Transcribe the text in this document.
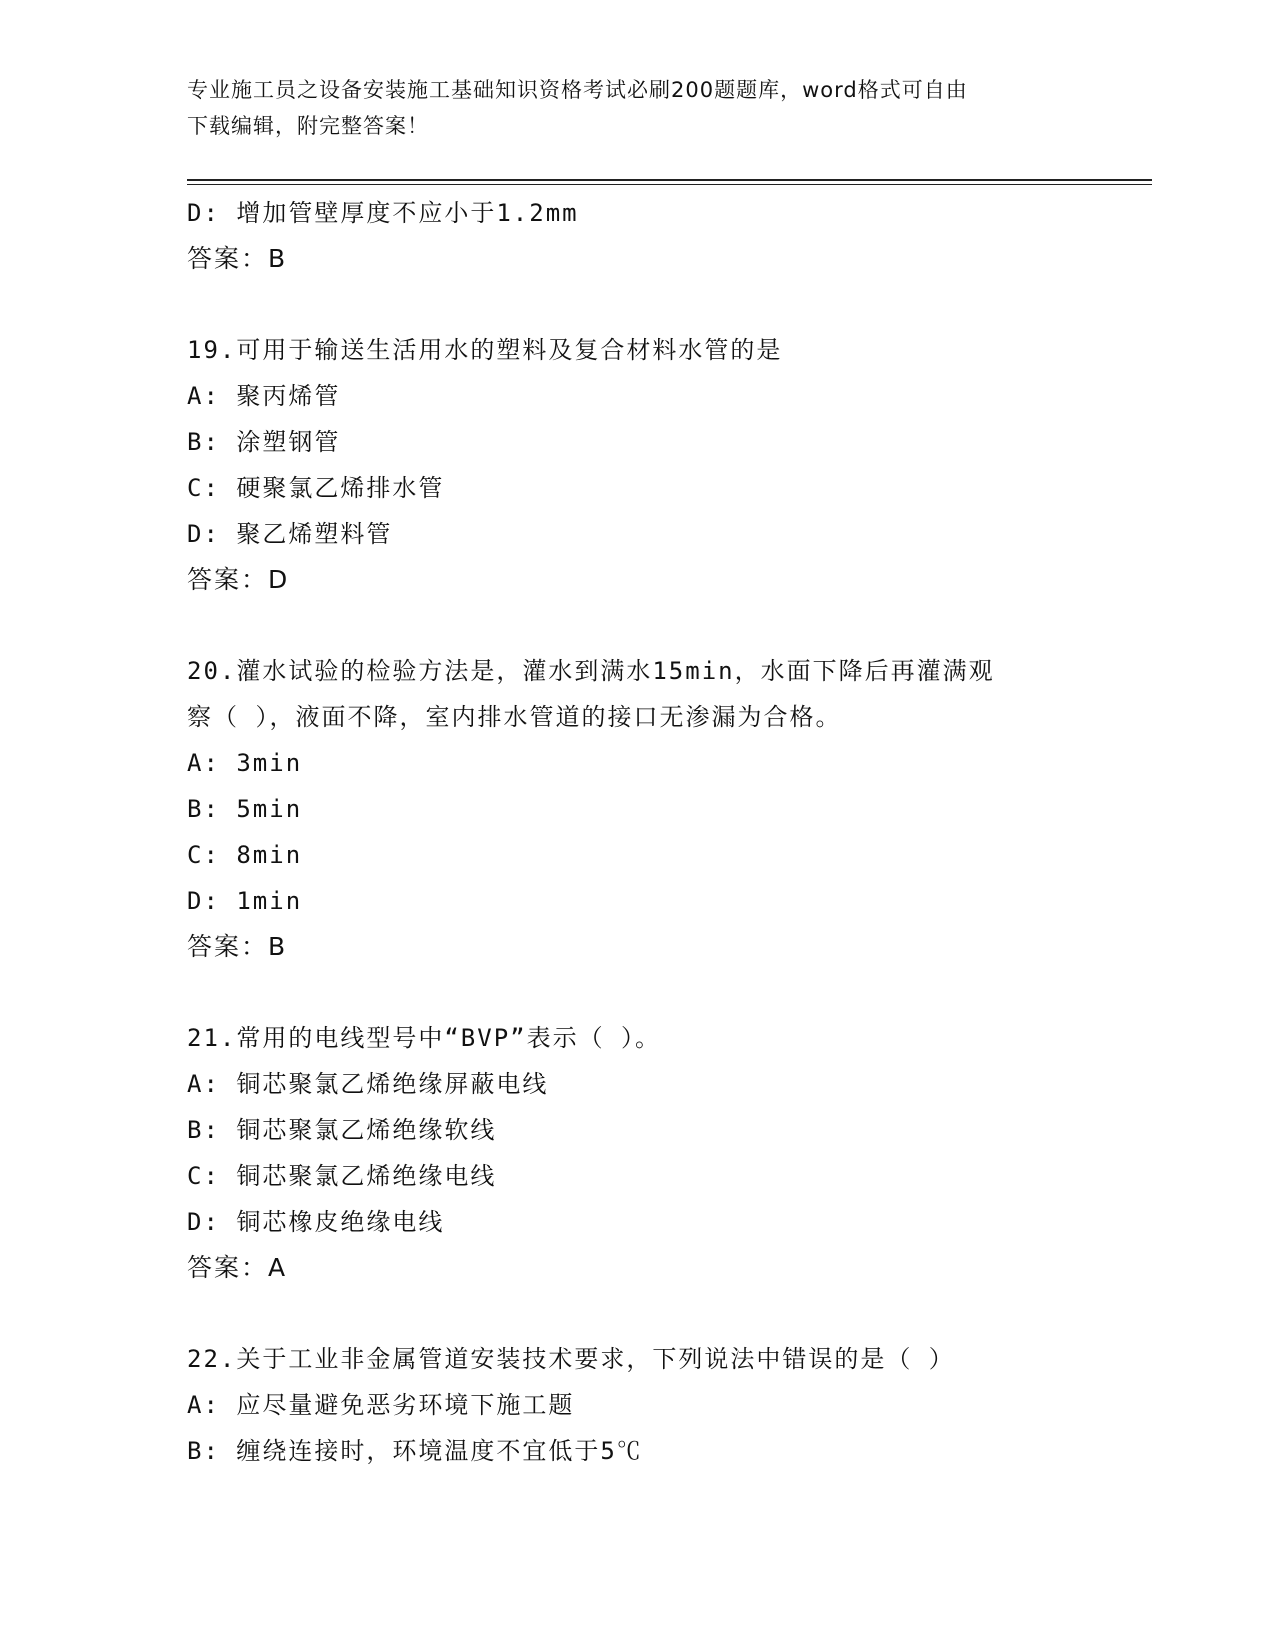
专业施工员之设备安装施工基础知识资格考试必刷200题题库，word格式可自由
下载编辑，附完整答案！
D: 增加管壁厚度不应小于1.2mm
答案：B
19.可用于输送生活用水的塑料及复合材料水管的是
A: 聚丙烯管
B: 涂塑钢管
C: 硬聚氯乙烯排水管
D: 聚乙烯塑料管
答案：D
20.灌水试验的检验方法是，灌水到满水15min，水面下降后再灌满观
察（ ），液面不降，室内排水管道的接口无渗漏为合格。
A: 3min
B: 5min
C: 8min
D: 1min
答案：B
21.常用的电线型号中“BVP”表示（ ）。
A: 铜芯聚氯乙烯绝缘屏蔽电线
B: 铜芯聚氯乙烯绝缘软线
C: 铜芯聚氯乙烯绝缘电线
D: 铜芯橡皮绝缘电线
答案：A
22.关于工业非金属管道安装技术要求，下列说法中错误的是（ ）
A: 应尽量避免恶劣环境下施工题
B: 缠绕连接时，环境温度不宜低于5℃
